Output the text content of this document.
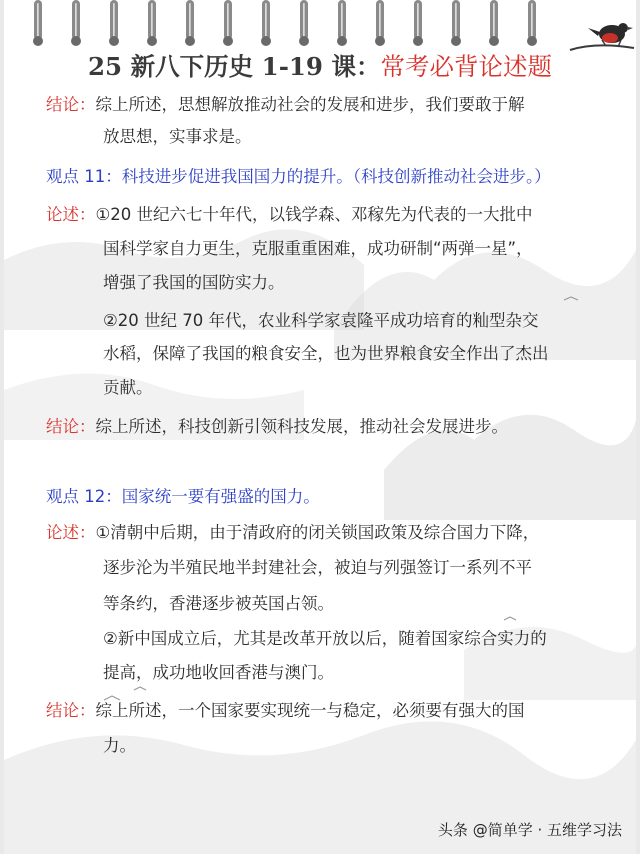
25 新八下历史 1-19 课：常考必背论述题
结论：综上所述，思想解放推动社会的发展和进步，我们要敢于解
放思想，实事求是。
观点 11：科技进步促进我国国力的提升。（科技创新推动社会进步。）
论述：①20 世纪六七十年代，以钱学森、邓稼先为代表的一大批中
国科学家自力更生，克服重重困难，成功研制“两弹一星”，
增强了我国的国防实力。
②20 世纪 70 年代，农业科学家袁隆平成功培育的籼型杂交
水稻，保障了我国的粮食安全，也为世界粮食安全作出了杰出
贡献。
结论：综上所述，科技创新引领科技发展，推动社会发展进步。
观点 12：国家统一要有强盛的国力。
论述：①清朝中后期，由于清政府的闭关锁国政策及综合国力下降，
逐步沦为半殖民地半封建社会，被迫与列强签订一系列不平
等条约，香港逐步被英国占领。
②新中国成立后，尤其是改革开放以后，随着国家综合实力的
提高，成功地收回香港与澳门。
结论：综上所述，一个国家要实现统一与稳定，必须要有强大的国
力。
头条 @简单学 · 五维学习法
